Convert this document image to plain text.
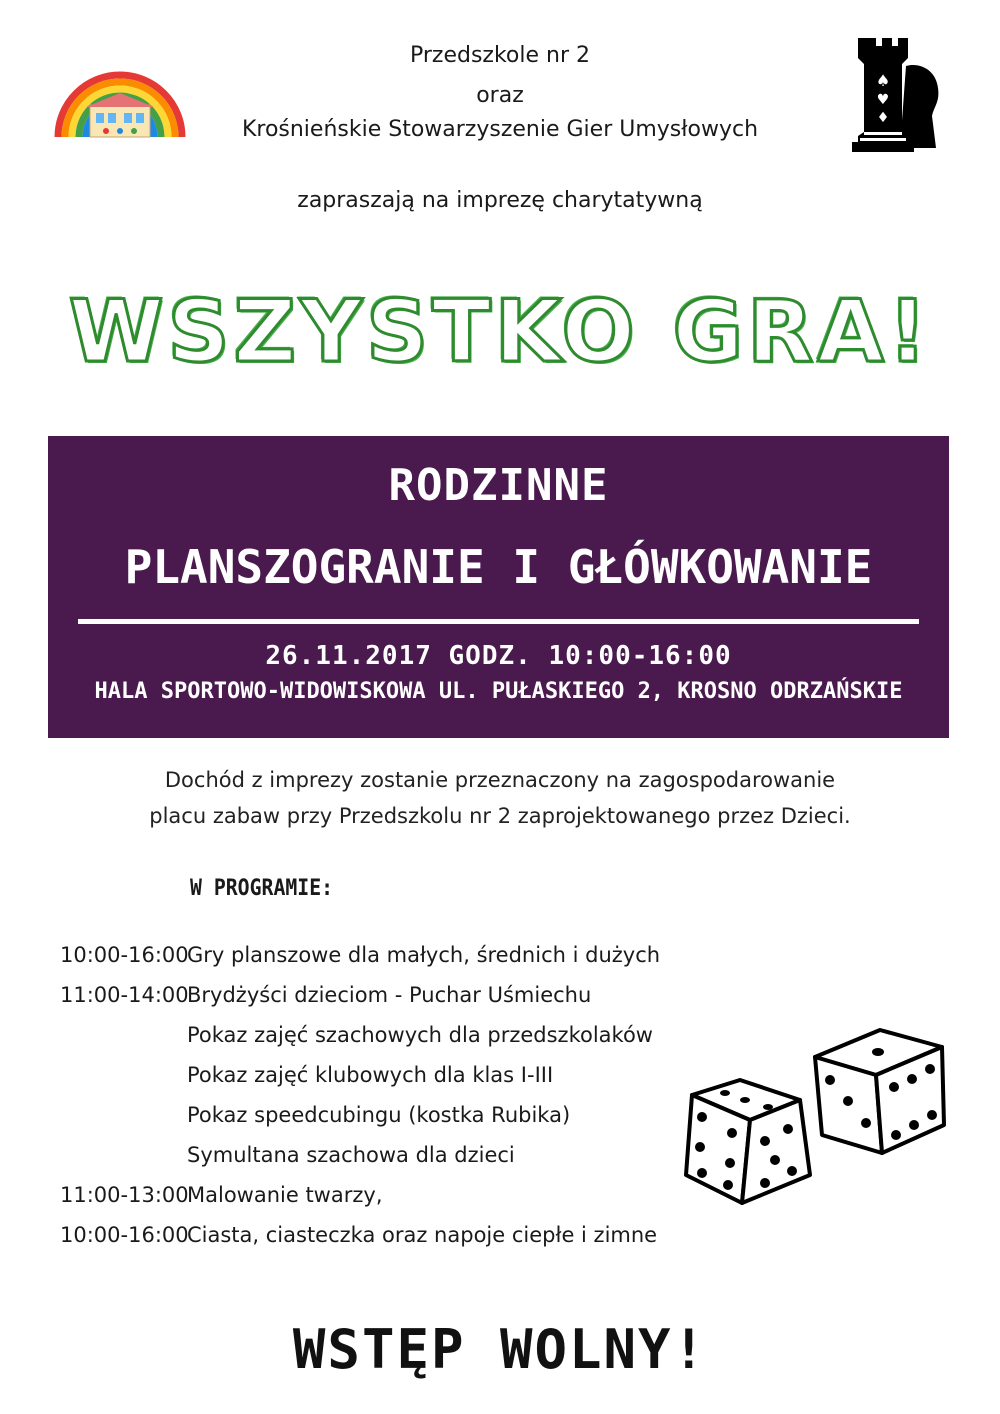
♠
♥
♦
Przedszkole nr 2
oraz
Krośnieńskie Stowarzyszenie Gier Umysłowych
zapraszają na imprezę charytatywną
WSZYSTKO GRA!
RODZINNE
PLANSZOGRANIE I GŁÓWKOWANIE
26.11.2017 GODZ. 10:00-16:00
HALA SPORTOWO-WIDOWISKOWA UL. PUŁASKIEGO 2, KROSNO ODRZAŃSKIE
Dochód z imprezy zostanie przeznaczony na zagospodarowanie
placu zabaw przy Przedszkolu nr 2 zaprojektowanego przez Dzieci.
W PROGRAMIE:
10:00-16:00Gry planszowe dla małych, średnich i dużych
11:00-14:00Brydżyści dzieciom - Puchar Uśmiechu
Pokaz zajęć szachowych dla przedszkolaków
Pokaz zajęć klubowych dla klas I-III
Pokaz speedcubingu (kostka Rubika)
Symultana szachowa dla dzieci
11:00-13:00Malowanie twarzy,
10:00-16:00Ciasta, ciasteczka oraz napoje ciepłe i zimne
WSTĘP WOLNY!
